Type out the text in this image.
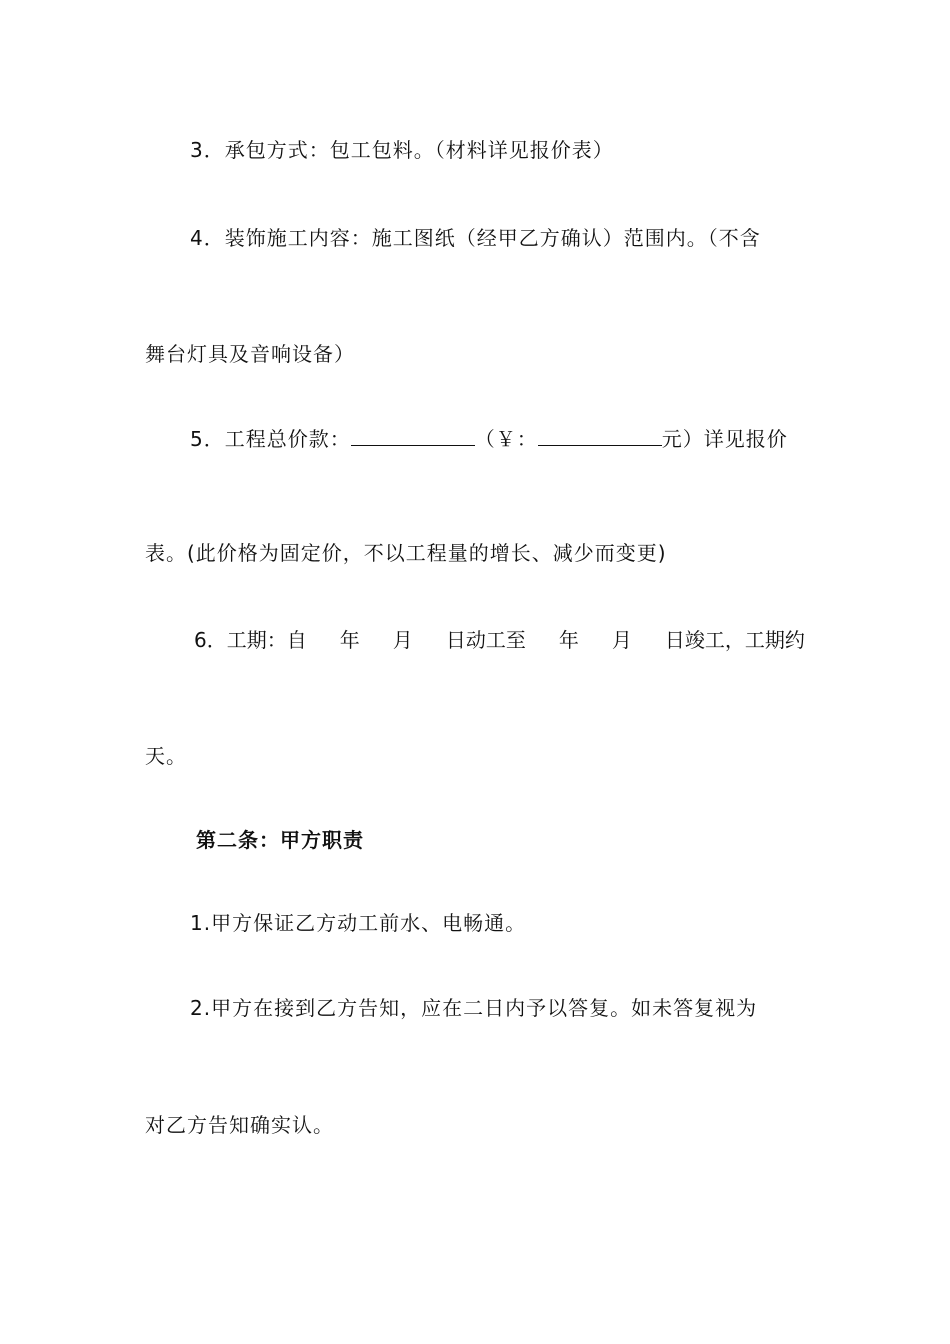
3．承包方式：包工包料。（材料详见报价表）
4．装饰施工内容：施工图纸（经甲乙方确认）范围内。（不含
舞台灯具及音响设备）
5．工程总价款：	（￥：	元）详见报价
表。(此价格为固定价，不以工程量的增长、减少而变更)
6．工期：自 年 月 日动工至 年 月 日竣工，工期约
天。
第二条：甲方职责
1.甲方保证乙方动工前水、电畅通。
2.甲方在接到乙方告知，应在二日内予以答复。如未答复视为
对乙方告知确实认。
